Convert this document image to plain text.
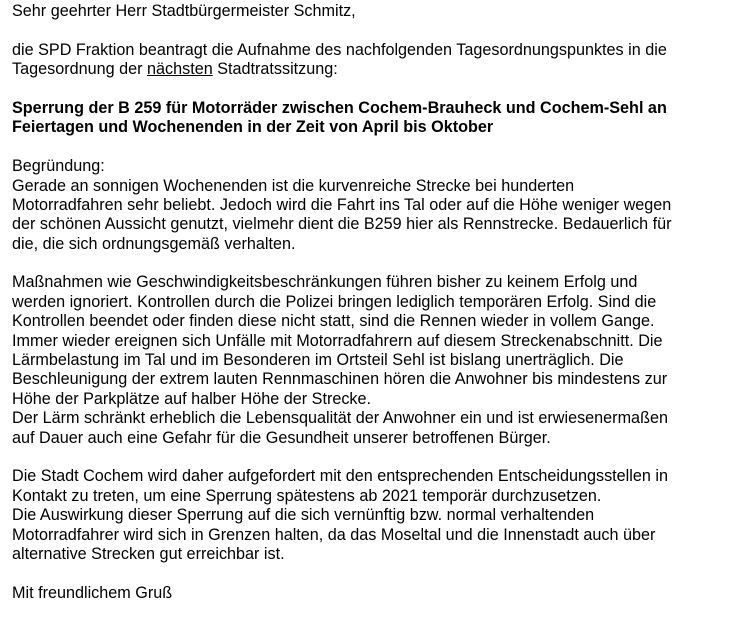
Sehr geehrter Herr Stadtbürgermeister Schmitz,
die SPD Fraktion beantragt die Aufnahme des nachfolgenden Tagesordnungspunktes in die
Tagesordnung der nächsten Stadtratssitzung:
Sperrung der B 259 für Motorräder zwischen Cochem-Brauheck und Cochem-Sehl an
Feiertagen und Wochenenden in der Zeit von April bis Oktober
Begründung:
Gerade an sonnigen Wochenenden ist die kurvenreiche Strecke bei hunderten
Motorradfahren sehr beliebt. Jedoch wird die Fahrt ins Tal oder auf die Höhe weniger wegen
der schönen Aussicht genutzt, vielmehr dient die B259 hier als Rennstrecke. Bedauerlich für
die, die sich ordnungsgemäß verhalten.
Maßnahmen wie Geschwindigkeitsbeschränkungen führen bisher zu keinem Erfolg und
werden ignoriert. Kontrollen durch die Polizei bringen lediglich temporären Erfolg. Sind die
Kontrollen beendet oder finden diese nicht statt, sind die Rennen wieder in vollem Gange.
Immer wieder ereignen sich Unfälle mit Motorradfahrern auf diesem Streckenabschnitt. Die
Lärmbelastung im Tal und im Besonderen im Ortsteil Sehl ist bislang unerträglich. Die
Beschleunigung der extrem lauten Rennmaschinen hören die Anwohner bis mindestens zur
Höhe der Parkplätze auf halber Höhe der Strecke.
Der Lärm schränkt erheblich die Lebensqualität der Anwohner ein und ist erwiesenermaßen
auf Dauer auch eine Gefahr für die Gesundheit unserer betroffenen Bürger.
Die Stadt Cochem wird daher aufgefordert mit den entsprechenden Entscheidungsstellen in
Kontakt zu treten, um eine Sperrung spätestens ab 2021 temporär durchzusetzen.
Die Auswirkung dieser Sperrung auf die sich vernünftig bzw. normal verhaltenden
Motorradfahrer wird sich in Grenzen halten, da das Moseltal und die Innenstadt auch über
alternative Strecken gut erreichbar ist.
Mit freundlichem Gruß
